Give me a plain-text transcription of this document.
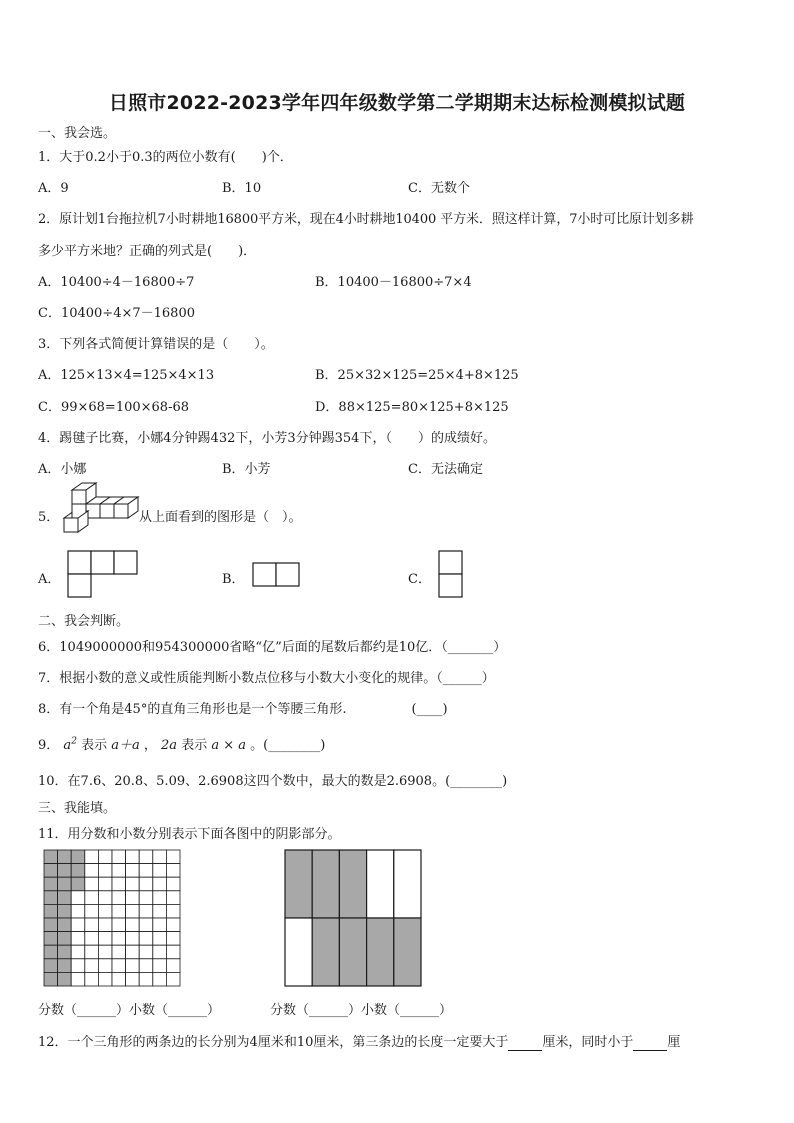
日照市2022-2023学年四年级数学第二学期期末达标检测模拟试题
一、我会选。
1．大于0.2小于0.3的两位小数有(　　)个．
A．9	B．10	C．无数个
2．原计划1台拖拉机7小时耕地16800平方米，现在4小时耕地10400 平方米．照这样计算，7小时可比原计划多耕
多少平方米地？正确的列式是(　　)．
A．10400÷4－16800÷7	B．10400－16800÷7×4
C．10400÷4×7－16800
3．下列各式简便计算错误的是（　　）。
A．125×13×4=125×4×13	B．25×32×125=25×4+8×125
C．99×68=100×68-68	D．88×125=80×125+8×125
4．踢毽子比赛，小娜4分钟踢432下，小芳3分钟踢354下，（　　）的成绩好。
A．小娜	B．小芳	C．无法确定
5．	从上面看到的图形是（　）。
A．	B．	C．
二、我会判断。
6．1049000000和954300000省略“亿”后面的尾数后都约是10亿．（_______）
7．根据小数的意义或性质能判断小数点位移与小数大小变化的规律。（______）
8．有一个角是45°的直角三角形也是一个等腰三角形.　　　　　(____)
9． $a^2$ 表示 a＋a ， 2a 表示 a × a 。(________)
10．在7.6、20.8、5.09、2.6908这四个数中，最大的数是2.6908。(________)
三、我能填。
11．用分数和小数分别表示下面各图中的阴影部分。
分数（______）小数（______）	分数（______）小数（______）
12．一个三角形的两条边的长分别为4厘米和10厘米，第三条边的长度一定要大于	厘米，同时小于	厘
